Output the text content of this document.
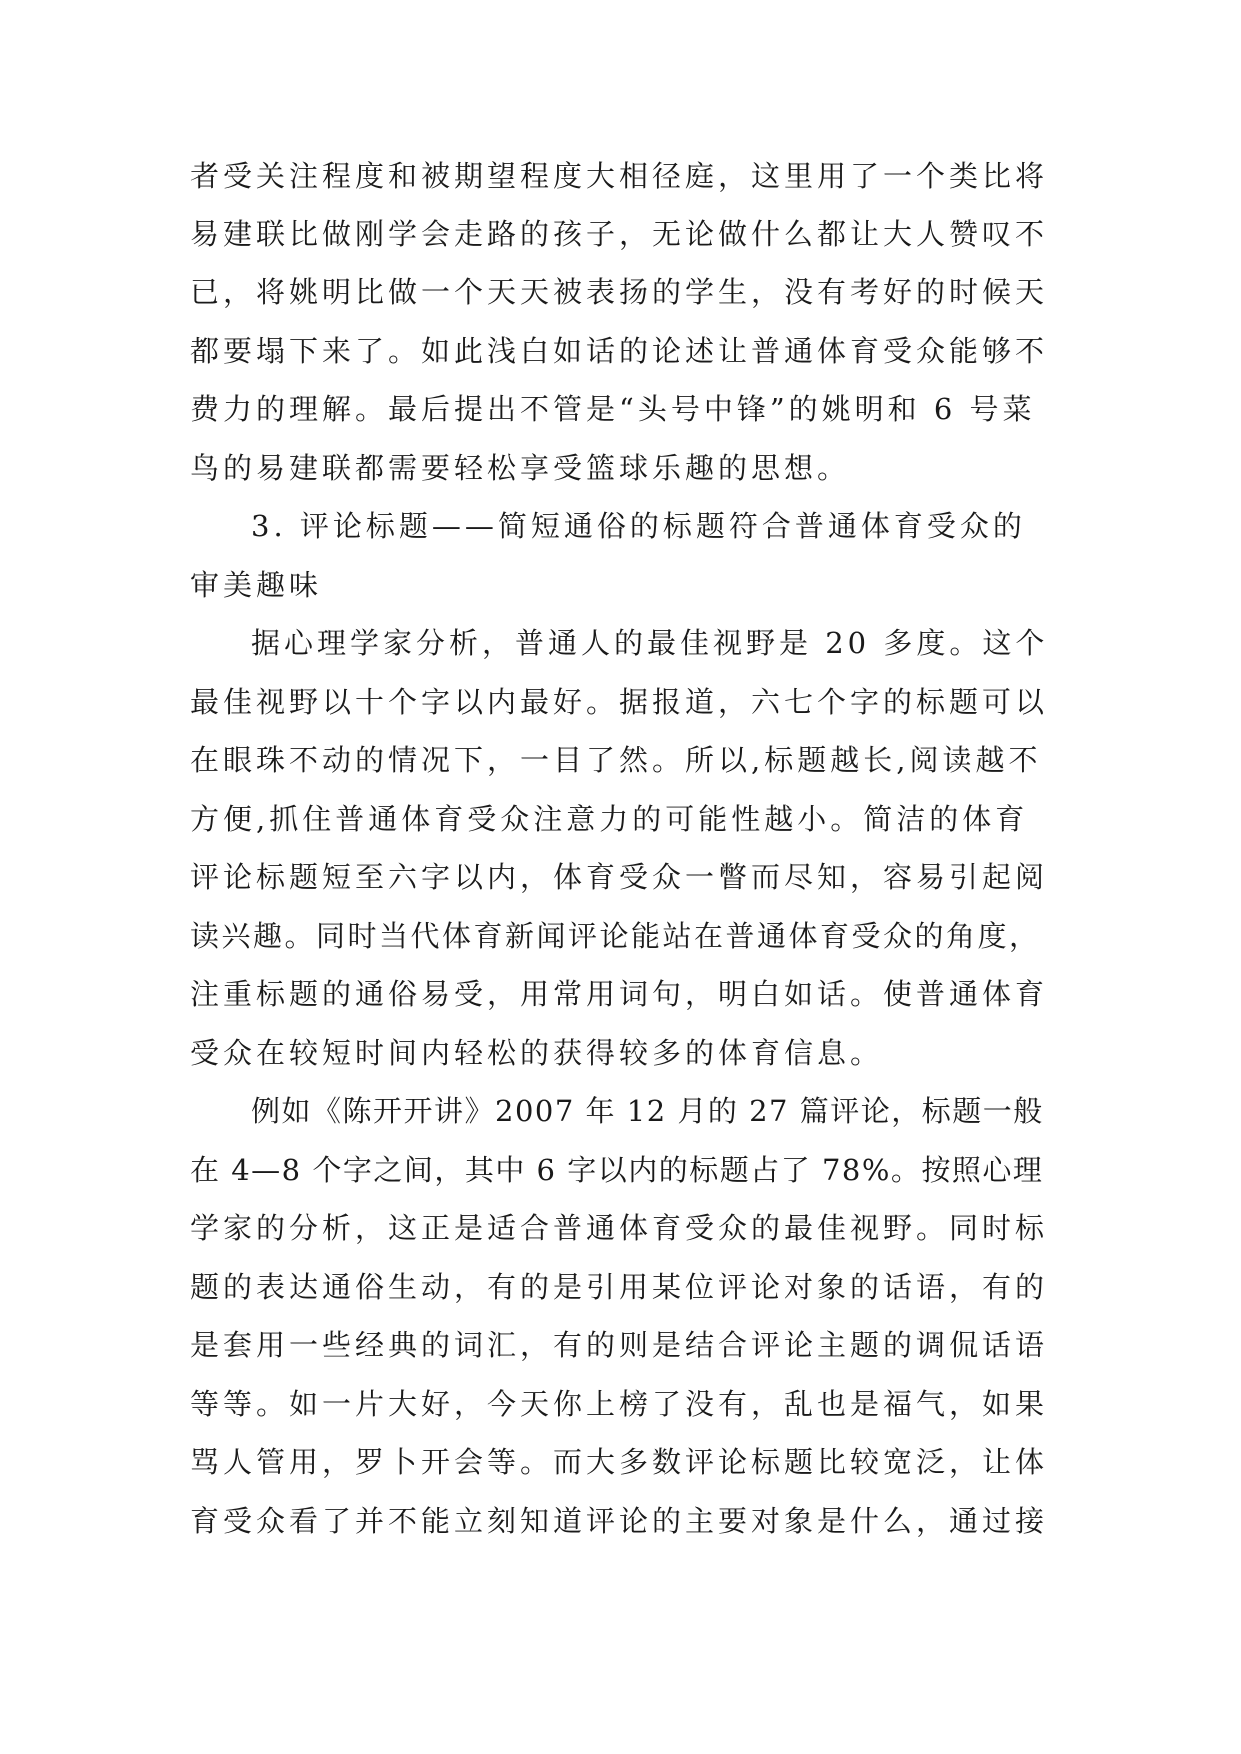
者受关注程度和被期望程度大相径庭，这里用了一个类比将
易建联比做刚学会走路的孩子，无论做什么都让大人赞叹不
已，将姚明比做一个天天被表扬的学生，没有考好的时候天
都要塌下来了。如此浅白如话的论述让普通体育受众能够不
费力的理解。最后提出不管是“头号中锋”的姚明和 6 号菜
鸟的易建联都需要轻松享受篮球乐趣的思想。
3. 评论标题——简短通俗的标题符合普通体育受众的
审美趣味
据心理学家分析，普通人的最佳视野是 20 多度。这个
最佳视野以十个字以内最好。据报道，六七个字的标题可以
在眼珠不动的情况下，一目了然。所以,标题越长,阅读越不
方便,抓住普通体育受众注意力的可能性越小。简洁的体育
评论标题短至六字以内，体育受众一瞥而尽知，容易引起阅
读兴趣。同时当代体育新闻评论能站在普通体育受众的角度，
注重标题的通俗易受，用常用词句，明白如话。使普通体育
受众在较短时间内轻松的获得较多的体育信息。
例如《陈开开讲》2007 年 12 月的 27 篇评论，标题一般
在 4—8 个字之间，其中 6 字以内的标题占了 78%。按照心理
学家的分析，这正是适合普通体育受众的最佳视野。同时标
题的表达通俗生动，有的是引用某位评论对象的话语，有的
是套用一些经典的词汇，有的则是结合评论主题的调侃话语
等等。如一片大好，今天你上榜了没有，乱也是福气，如果
骂人管用，罗卜开会等。而大多数评论标题比较宽泛，让体
育受众看了并不能立刻知道评论的主要对象是什么，通过接
